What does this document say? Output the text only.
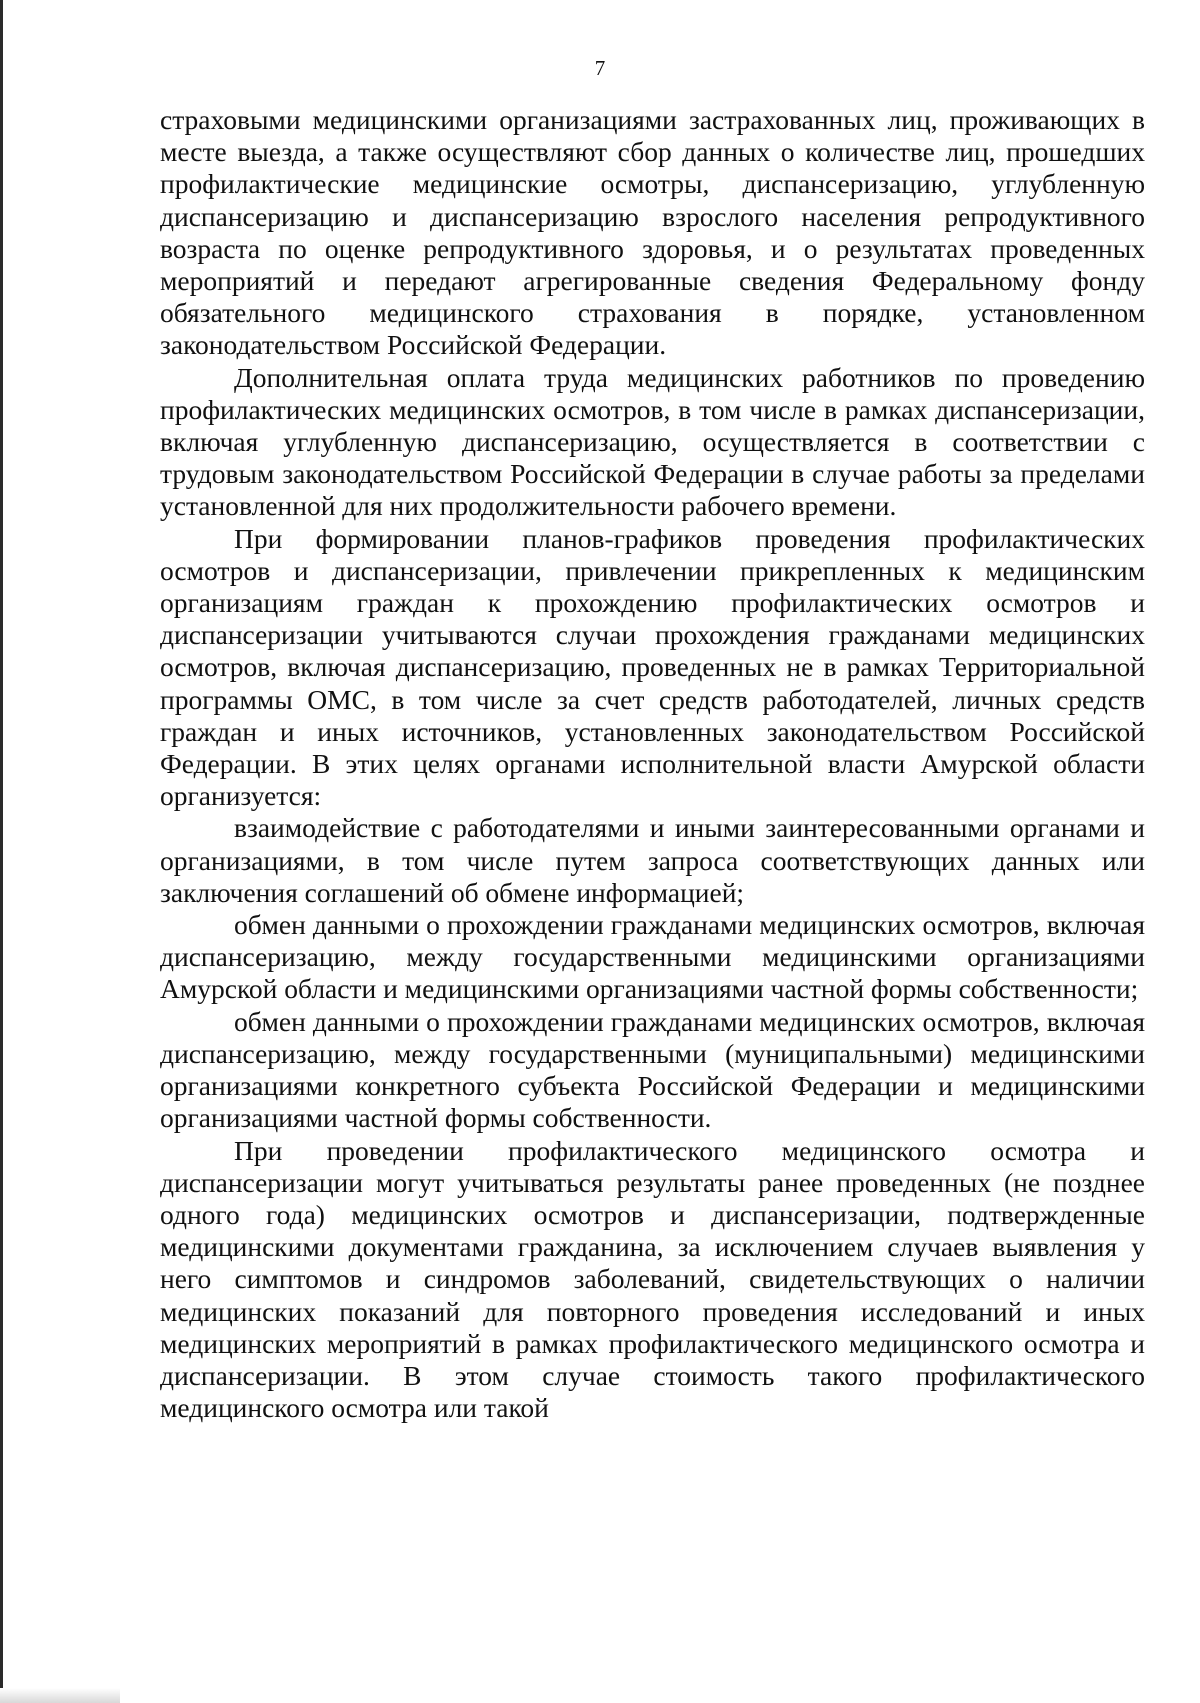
7

страховыми медицинскими организациями застрахованных лиц, проживающих в месте выезда, а также осуществляют сбор данных о количестве лиц, прошедших профилактические медицинские осмотры, диспансеризацию, углубленную диспансеризацию и диспансеризацию взрослого населения репродуктивного возраста по оценке репродуктивного здоровья, и о результатах проведенных мероприятий и передают агрегированные сведения Федеральному фонду обязательного медицинского страхования в порядке, установленном законодательством Российской Федерации.

Дополнительная оплата труда медицинских работников по проведению профилактических медицинских осмотров, в том числе в рамках диспансеризации, включая углубленную диспансеризацию, осуществляется в соответствии с трудовым законодательством Российской Федерации в случае работы за пределами установленной для них продолжительности рабочего времени.

При формировании планов-графиков проведения профилактических осмотров и диспансеризации, привлечении прикрепленных к медицинским организациям граждан к прохождению профилактических осмотров и диспансеризации учитываются случаи прохождения гражданами медицинских осмотров, включая диспансеризацию, проведенных не в рамках Территориальной программы ОМС, в том числе за счет средств работодателей, личных средств граждан и иных источников, установленных законодательством Российской Федерации. В этих целях органами исполнительной власти Амурской области организуется:

взаимодействие с работодателями и иными заинтересованными органами и организациями, в том числе путем запроса соответствующих данных или заключения соглашений об обмене информацией;

обмен данными о прохождении гражданами медицинских осмотров, включая диспансеризацию, между государственными медицинскими организациями Амурской области и медицинскими организациями частной формы собственности;

обмен данными о прохождении гражданами медицинских осмотров, включая диспансеризацию, между государственными (муниципальными) медицинскими организациями конкретного субъекта Российской Федерации и медицинскими организациями частной формы собственности.

При проведении профилактического медицинского осмотра и диспансеризации могут учитываться результаты ранее проведенных (не позднее одного года) медицинских осмотров и диспансеризации, подтвержденные медицинскими документами гражданина, за исключением случаев выявления у него симптомов и синдромов заболеваний, свидетельствующих о наличии медицинских показаний для повторного проведения исследований и иных медицинских мероприятий в рамках профилактического медицинского осмотра и диспансеризации. В этом случае стоимость такого профилактического медицинского осмотра или такой
